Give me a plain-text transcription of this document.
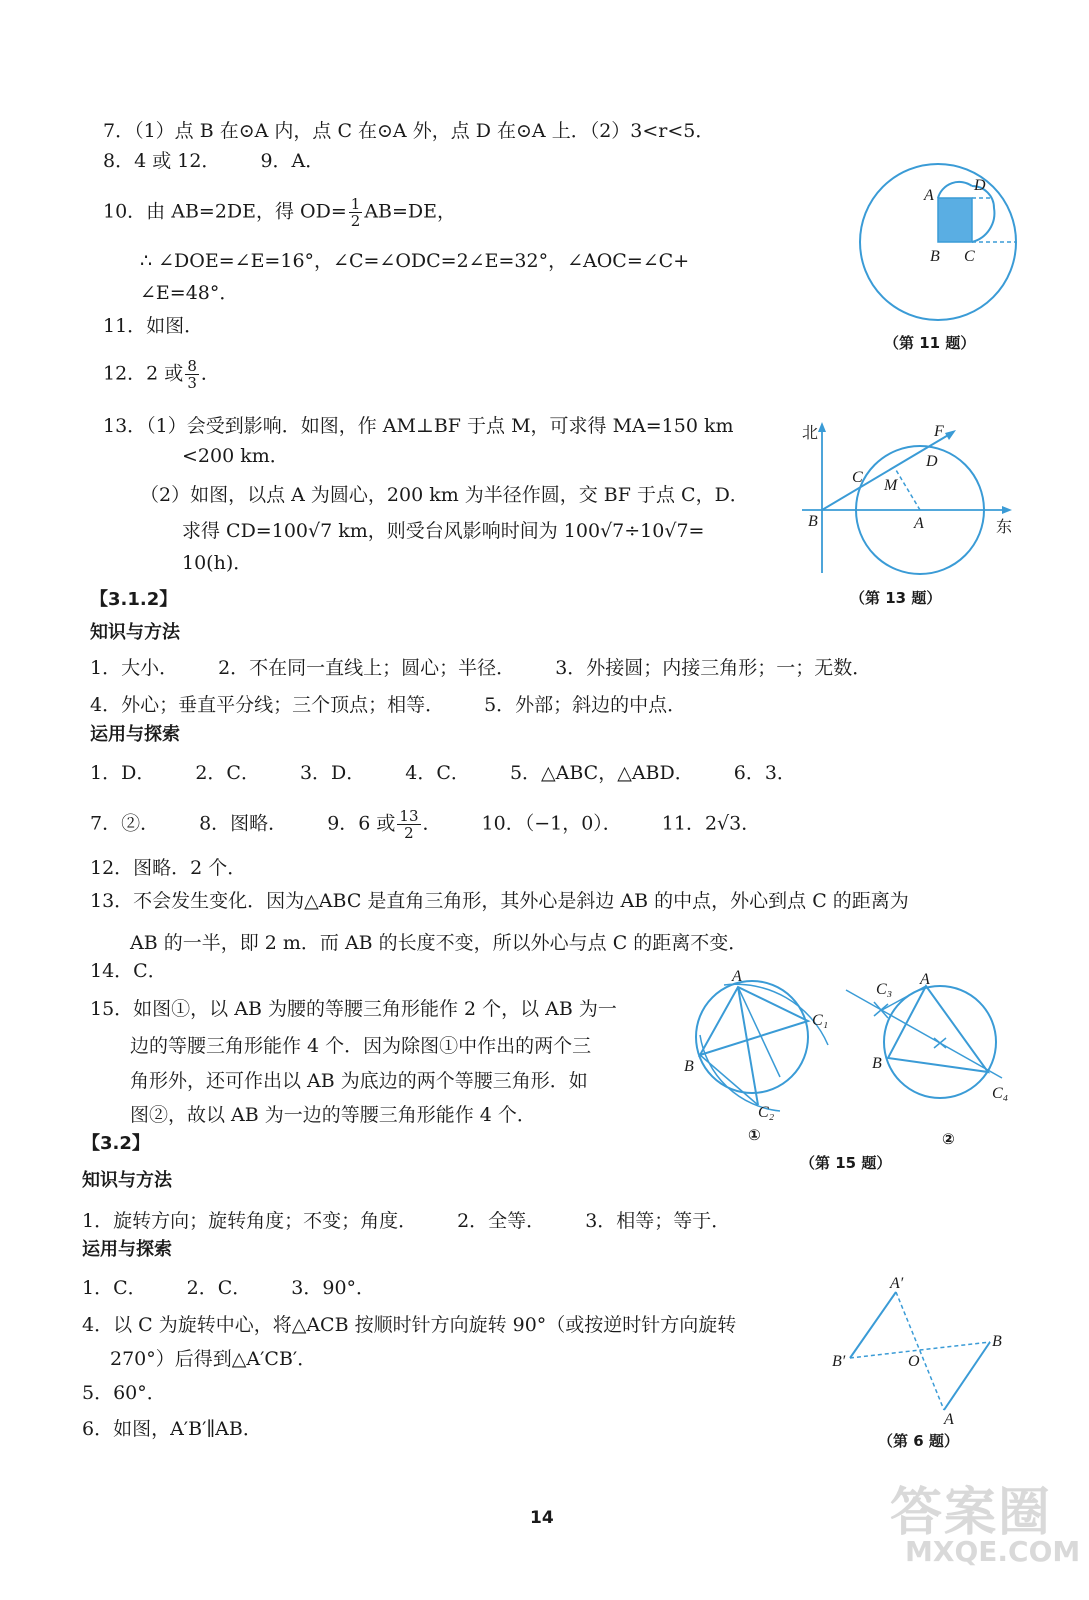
7．（1）点 B 在⊙A 内，点 C 在⊙A 外，点 D 在⊙A 上．（2）3<r<5．
8．4 或 12． 9．A．
10．由 AB=2DE，得 $OD= \frac{1}{2} AB=DE$，
∴ ∠DOE=∠E=16°，∠C=∠ODC=2∠E=32°，∠AOC=∠C+
∠E=48°．
11．如图．
12．2 或 $\frac{8}{3}$ ．
13．（1）会受到影响．如图，作 AM⊥BF 于点 M，可求得 MA=150 km
<200 km．
（2）如图，以点 A 为圆心，200 km 为半径作圆，交 BF 于点 C，D．
求得 CD=100√7 km，则受台风影响时间为 100√7÷10√7=
10(h)．
【3.1.2】
知识与方法
1．大小． 2．不在同一直线上；圆心；半径． 3．外接圆；内接三角形；一；无数．
4．外心；垂直平分线；三个顶点；相等． 5．外部；斜边的中点．
运用与探索
1．D． 2．C． 3．D． 4．C． 5．△ABC，△ABD． 6．3．
7．②． 8．图略． 9．6 或 $\frac{13}{2}$ ． 10．（−1，0）． 11．2√3．
12．图略．2 个．
13．不会发生变化．因为△ABC 是直角三角形，其外心是斜边 AB 的中点，外心到点 C 的距离为
AB 的一半，即 2 m．而 AB 的长度不变，所以外心与点 C 的距离不变．
14．C．
15．如图①，以 AB 为腰的等腰三角形能作 2 个，以 AB 为一
边的等腰三角形能作 4 个．因为除图①中作出的两个三
角形外，还可作出以 AB 为底边的两个等腰三角形．如
图②，故以 AB 为一边的等腰三角形能作 4 个．
【3.2】
知识与方法
1．旋转方向；旋转角度；不变；角度． 2．全等． 3．相等；等于．
运用与探索
1．C． 2．C． 3．90°．
4．以 C 为旋转中心，将△ACB 按顺时针方向旋转 90°（或按逆时针方向旋转
270°）后得到△A′CB′．
5．60°．
6．如图，A′B′∥AB．
A
D
B C
（第 11 题）
北
东
B	A
C M
D
F
（第 13 题）
A
C₁
B
C₂
①
C₃
A
B
C₄
②
（第 15 题）
A′
B′	O
B
A
（第 6 题）
14	答案圈
MXQE.COM
